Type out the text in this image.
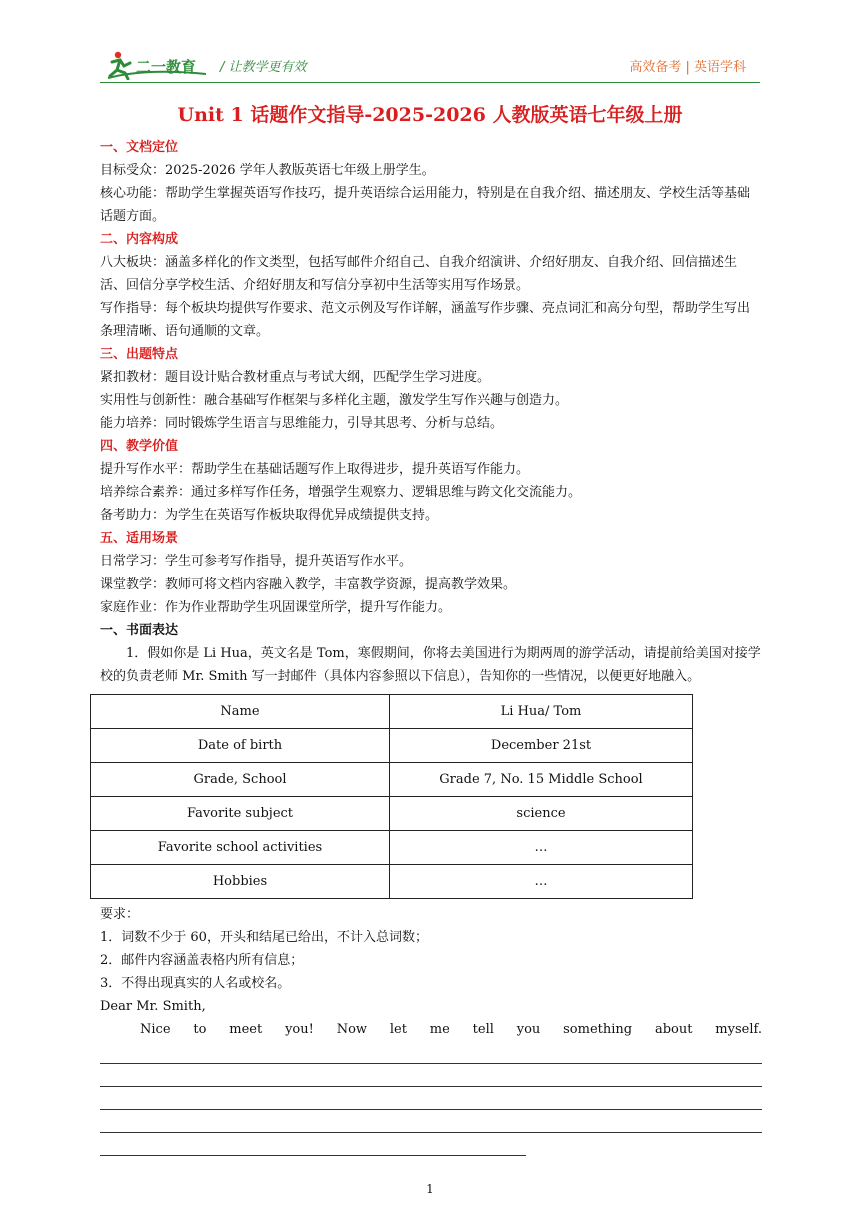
二一教育 / 让教学更有效	高效备考 | 英语学科
Unit 1 话题作文指导-2025-2026 人教版英语七年级上册
一、文档定位

目标受众：2025-2026 学年人教版英语七年级上册学生。

核心功能：帮助学生掌握英语写作技巧，提升英语综合运用能力，特别是在自我介绍、描述朋友、学校生活等基础话题方面。

二、内容构成

八大板块：涵盖多样化的作文类型，包括写邮件介绍自己、自我介绍演讲、介绍好朋友、自我介绍、回信描述生活、回信分享学校生活、介绍好朋友和写信分享初中生活等实用写作场景。

写作指导：每个板块均提供写作要求、范文示例及写作详解，涵盖写作步骤、亮点词汇和高分句型，帮助学生写出条理清晰、语句通顺的文章。

三、出题特点

紧扣教材：题目设计贴合教材重点与考试大纲，匹配学生学习进度。

实用性与创新性：融合基础写作框架与多样化主题，激发学生写作兴趣与创造力。

能力培养：同时锻炼学生语言与思维能力，引导其思考、分析与总结。

四、教学价值

提升写作水平：帮助学生在基础话题写作上取得进步，提升英语写作能力。

培养综合素养：通过多样写作任务，增强学生观察力、逻辑思维与跨文化交流能力。

备考助力：为学生在英语写作板块取得优异成绩提供支持。

五、适用场景

日常学习：学生可参考写作指导，提升英语写作水平。

课堂教学：教师可将文档内容融入教学，丰富教学资源，提高教学效果。

家庭作业：作为作业帮助学生巩固课堂所学，提升写作能力。

一、书面表达

1．假如你是 Li Hua，英文名是 Tom，寒假期间，你将去美国进行为期两周的游学活动，请提前给美国对接学校的负责老师 Mr. Smith 写一封邮件（具体内容参照以下信息），告知你的一些情况，以便更好地融入。

Name	Li Hua/ Tom
Date of birth	December 21st
Grade, School	Grade 7, No. 15 Middle School
Favorite subject	science
Favorite school activities	…
Hobbies	…

要求：

1．词数不少于 60，开头和结尾已给出，不计入总词数；

2．邮件内容涵盖表格内所有信息；

3．不得出现真实的人名或校名。

Dear Mr. Smith,

Nice to meet you! Now let me tell you something about myself.
1
